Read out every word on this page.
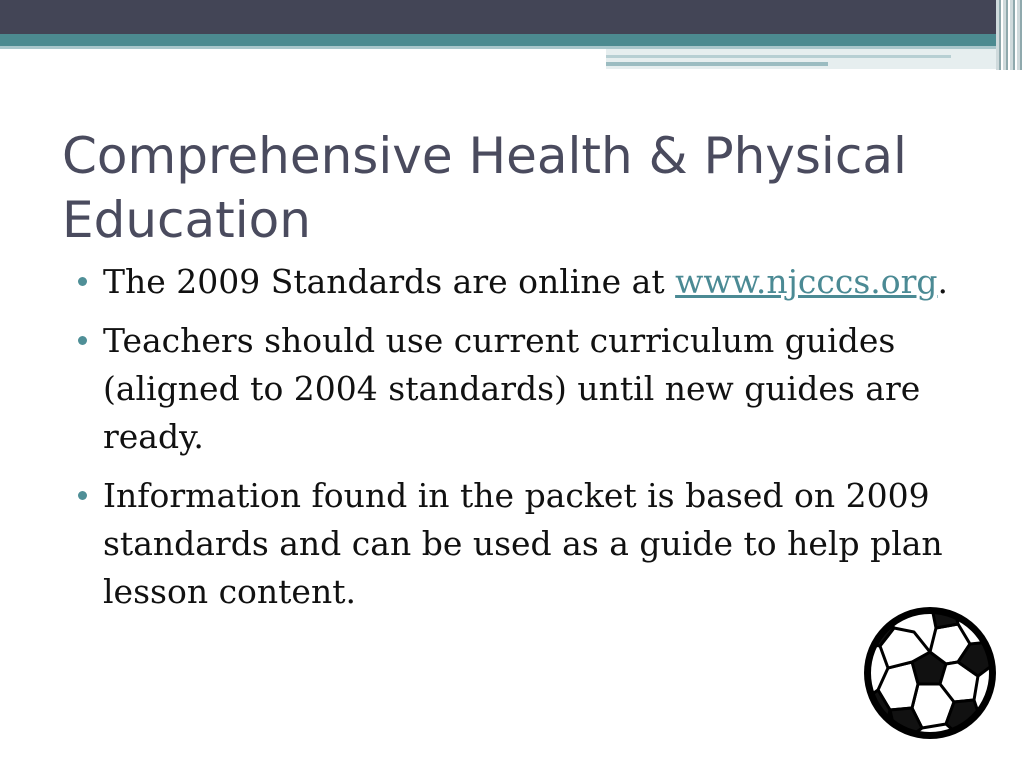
Comprehensive Health & Physical Education
The 2009 Standards are online at www.njcccs.org.
Teachers should use current curriculum guides (aligned to 2004 standards) until new guides are ready.
Information found in the packet is based on 2009 standards and can be used as a guide to help plan lesson content.
